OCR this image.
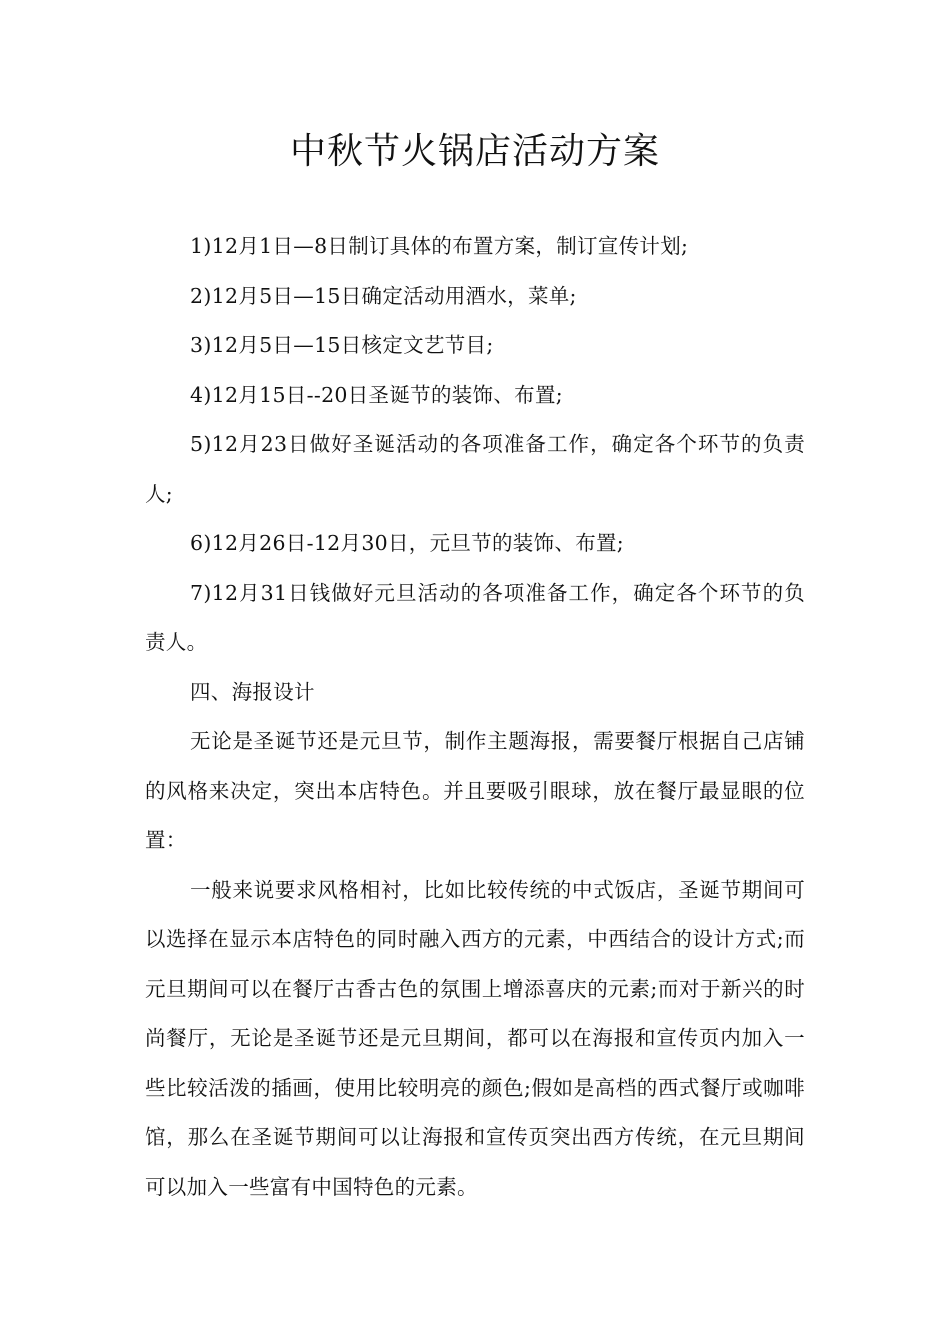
中秋节火锅店活动方案

1)12月1日—8日制订具体的布置方案，制订宣传计划;

2)12月5日—15日确定活动用酒水，菜单;

3)12月5日—15日核定文艺节目;

4)12月15日--20日圣诞节的装饰、布置;

5)12月23日做好圣诞活动的各项准备工作，确定各个环节的负责人;

6)12月26日-12月30日，元旦节的装饰、布置;

7)12月31日钱做好元旦活动的各项准备工作，确定各个环节的负责人。

四、海报设计

无论是圣诞节还是元旦节，制作主题海报，需要餐厅根据自己店铺的风格来决定，突出本店特色。并且要吸引眼球，放在餐厅最显眼的位置：

一般来说要求风格相衬，比如比较传统的中式饭店，圣诞节期间可以选择在显示本店特色的同时融入西方的元素，中西结合的设计方式;而元旦期间可以在餐厅古香古色的氛围上增添喜庆的元素;而对于新兴的时尚餐厅，无论是圣诞节还是元旦期间，都可以在海报和宣传页内加入一些比较活泼的插画，使用比较明亮的颜色;假如是高档的西式餐厅或咖啡馆，那么在圣诞节期间可以让海报和宣传页突出西方传统，在元旦期间可以加入一些富有中国特色的元素。
